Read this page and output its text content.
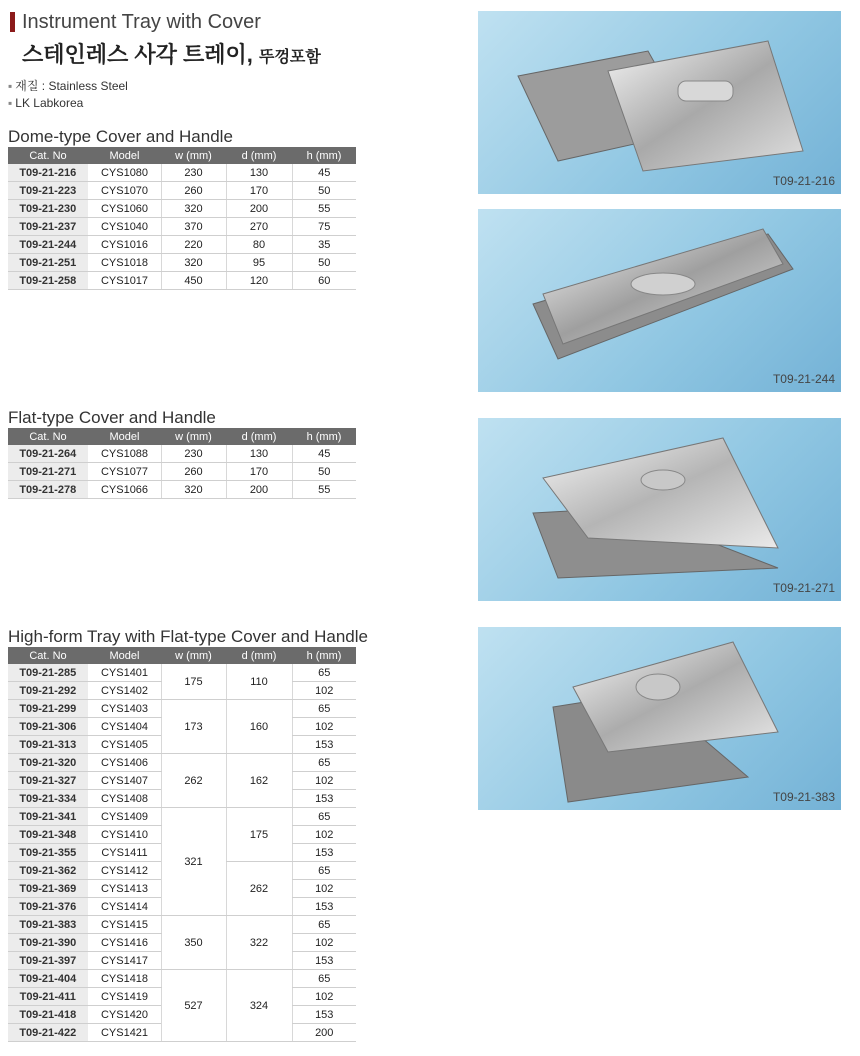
Instrument Tray with Cover
스테인레스 사각 트레이, 뚜껑포함
▪ 재질 : Stainless Steel
▪ LK Labkorea
Dome-type Cover and Handle
Cat. No	Model	w (mm)	d (mm)	h (mm)
T09-21-216	CYS1080	230	130	45
T09-21-223	CYS1070	260	170	50
T09-21-230	CYS1060	320	200	55
T09-21-237	CYS1040	370	270	75
T09-21-244	CYS1016	220	80	35
T09-21-251	CYS1018	320	95	50
T09-21-258	CYS1017	450	120	60
Flat-type Cover and Handle
Cat. No	Model	w (mm)	d (mm)	h (mm)
T09-21-264	CYS1088	230	130	45
T09-21-271	CYS1077	260	170	50
T09-21-278	CYS1066	320	200	55
High-form Tray with Flat-type Cover and Handle
Cat. No	Model	w (mm)	d (mm)	h (mm)
T09-21-285	CYS1401	175	110	65
T09-21-292	CYS1402			102
T09-21-299	CYS1403	173	160	65
T09-21-306	CYS1404			102
T09-21-313	CYS1405			153
T09-21-320	CYS1406	262	162	65
T09-21-327	CYS1407			102
T09-21-334	CYS1408			153
T09-21-341	CYS1409	321	175	65
T09-21-348	CYS1410			102
T09-21-355	CYS1411			153
T09-21-362	CYS1412		262	65
T09-21-369	CYS1413			102
T09-21-376	CYS1414			153
T09-21-383	CYS1415	350	322	65
T09-21-390	CYS1416			102
T09-21-397	CYS1417			153
T09-21-404	CYS1418	527	324	65
T09-21-411	CYS1419			102
T09-21-418	CYS1420			153
T09-21-422	CYS1421			200
T09-21-216
T09-21-244
T09-21-271
T09-21-383
